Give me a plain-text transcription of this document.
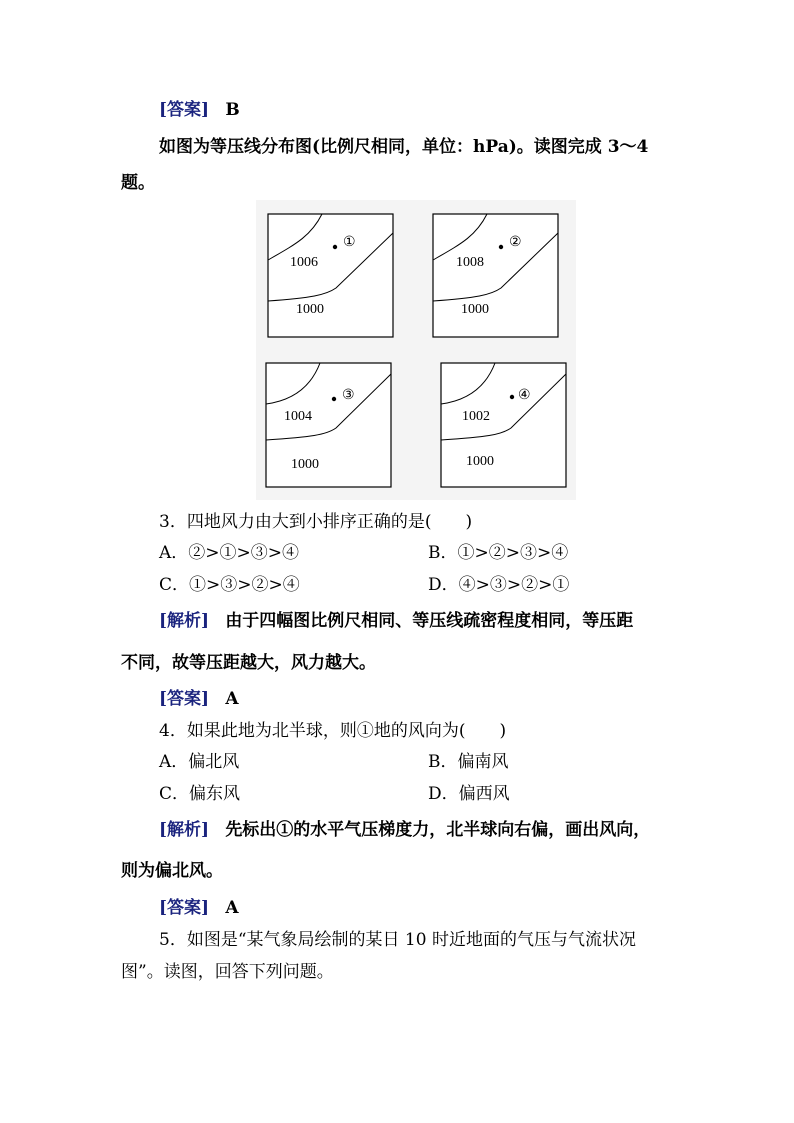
[答案] B
如图为等压线分布图(比例尺相同，单位：hPa)。读图完成 3～4
题。
①
1006
1000
②
1008
1000
③
1004
1000
④
1002
1000
3．四地风力由大到小排序正确的是(　　)
A．②>①>③>④	B．①>②>③>④
C．①>③>②>④	D．④>③>②>①
[解析] 由于四幅图比例尺相同、等压线疏密程度相同，等压距
不同，故等压距越大，风力越大。
[答案] A
4．如果此地为北半球，则①地的风向为(　　)
A．偏北风	B．偏南风
C．偏东风	D．偏西风
[解析] 先标出①的水平气压梯度力，北半球向右偏，画出风向，
则为偏北风。
[答案] A
5．如图是“某气象局绘制的某日 10 时近地面的气压与气流状况
图”。读图，回答下列问题。
